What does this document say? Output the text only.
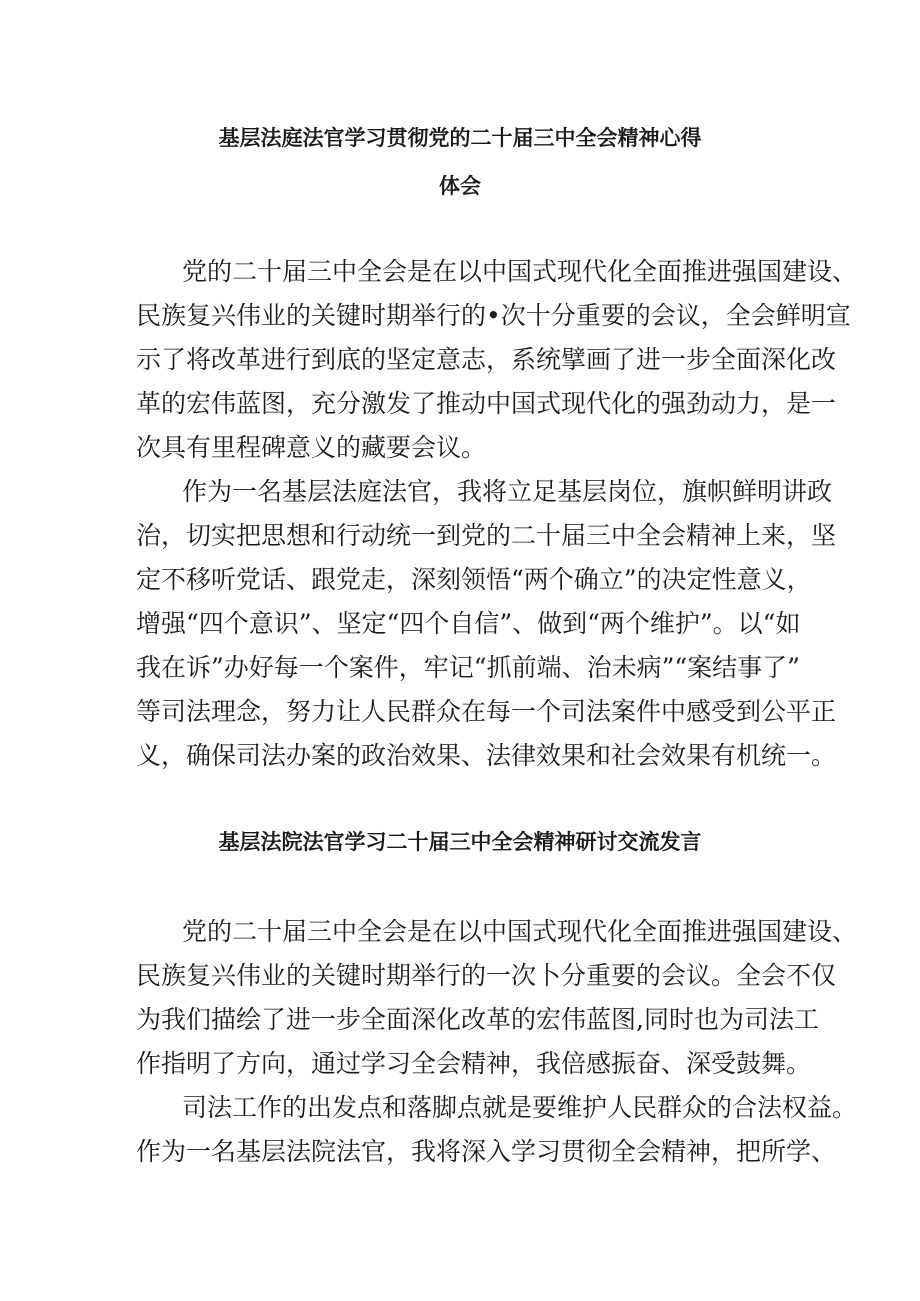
基层法庭法官学习贯彻党的二十届三中全会精神心得
体会
党的二十届三中全会是在以中国式现代化全面推进强国建设、
民族复兴伟业的关键时期举行的•次十分重要的会议，全会鲜明宣
示了将改革进行到底的坚定意志，系统擘画了进一步全面深化改
革的宏伟蓝图，充分激发了推动中国式现代化的强劲动力，是一
次具有里程碑意义的藏要会议。
作为一名基层法庭法官，我将立足基层岗位，旗帜鲜明讲政
治，切实把思想和行动统一到党的二十届三中全会精神上来，坚
定不移听党话、跟党走，深刻领悟“两个确立”的决定性意义，
增强“四个意识”、坚定“四个自信”、做到“两个维护”。以“如
我在诉”办好每一个案件，牢记“抓前端、治未病”“案结事了”
等司法理念，努力让人民群众在每一个司法案件中感受到公平正
义，确保司法办案的政治效果、法律效果和社会效果有机统一。
基层法院法官学习二十届三中全会精神研讨交流发言
党的二十届三中全会是在以中国式现代化全面推进强国建设、
民族复兴伟业的关键时期举行的一次卜分重要的会议。全会不仅
为我们描绘了进一步全面深化改革的宏伟蓝图,同时也为司法工
作指明了方向，通过学习全会精神，我倍感振奋、深受鼓舞。
司法工作的出发点和落脚点就是要维护人民群众的合法权益。
作为一名基层法院法官，我将深入学习贯彻全会精神，把所学、
